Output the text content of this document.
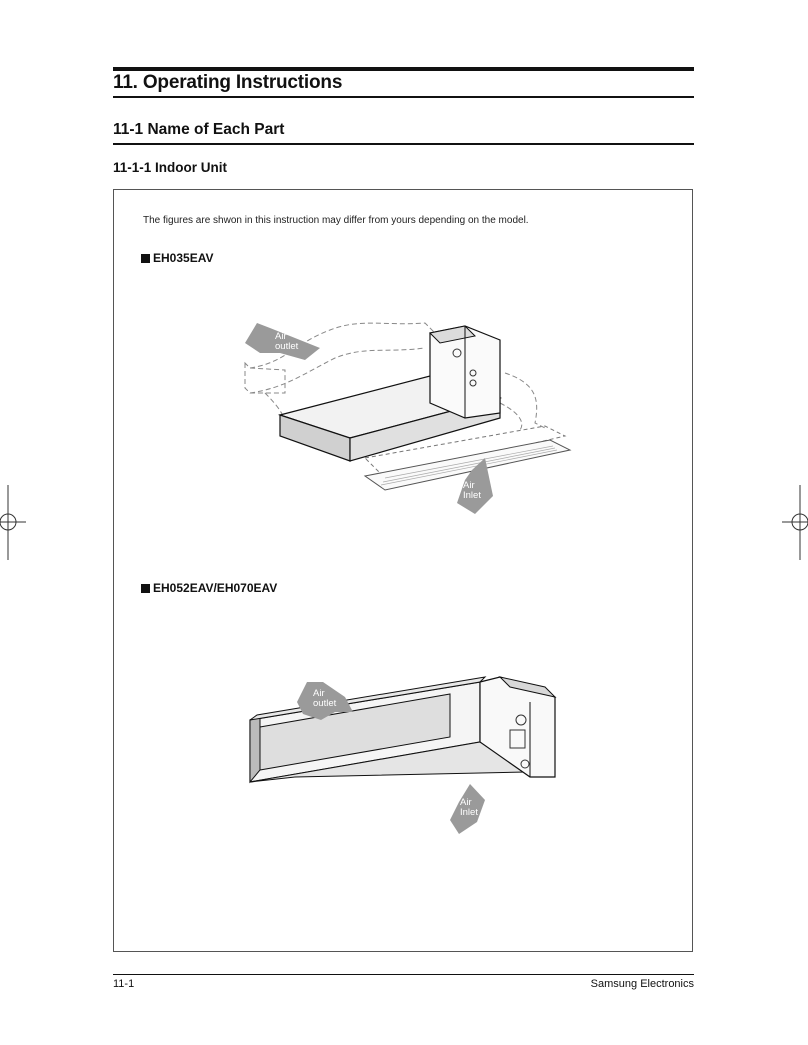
11. Operating Instructions
11-1 Name of Each Part
11-1-1 Indoor Unit
The figures are shwon in this instruction may differ from yours depending on the model.
EH035EAV
Air outlet
Air Inlet
EH052EAV/EH070EAV
Air outlet
Air Inlet
11-1	Samsung Electronics
